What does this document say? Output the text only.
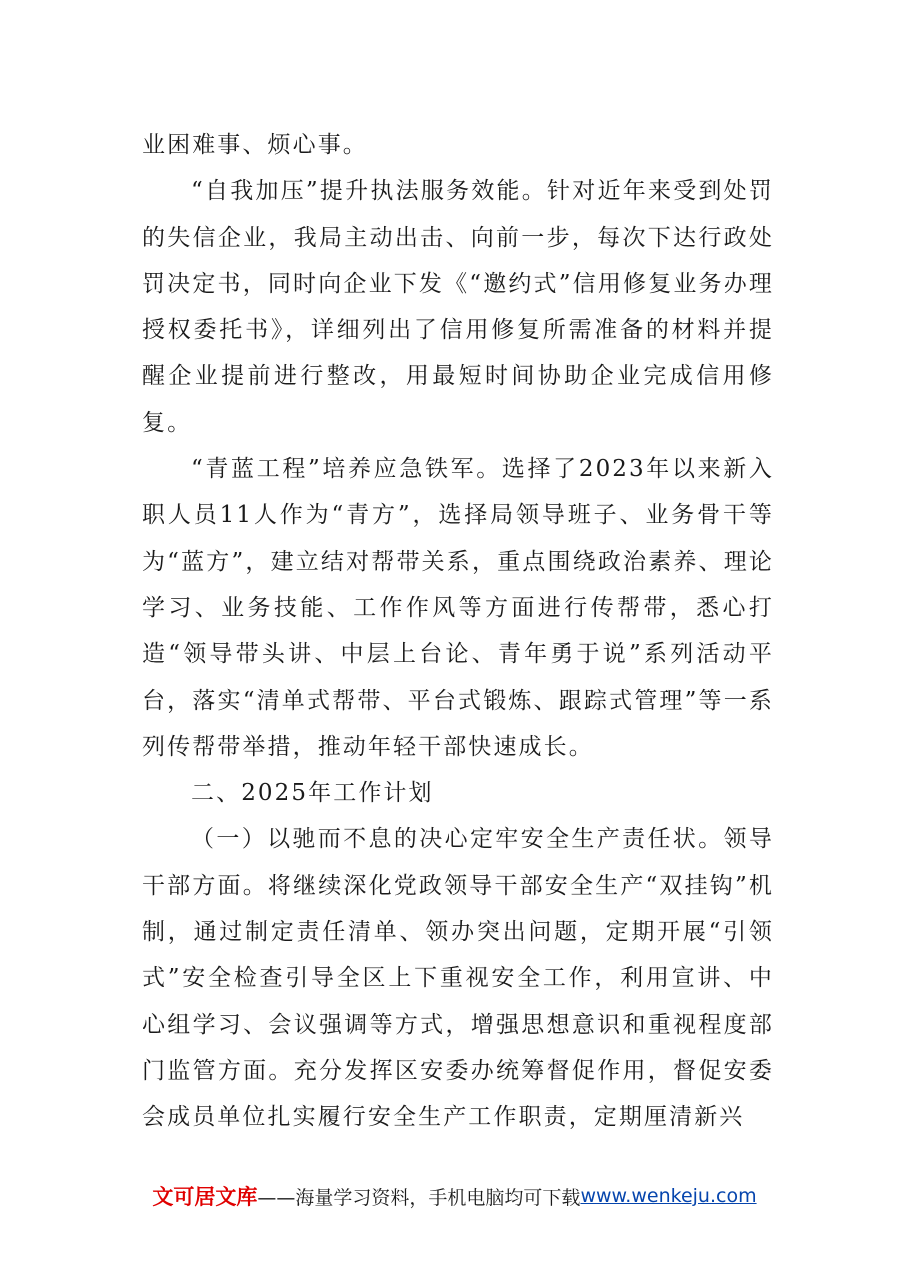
业困难事、烦心事。

“自我加压”提升执法服务效能。针对近年来受到处罚的失信企业，我局主动出击、向前一步，每次下达行政处罚决定书，同时向企业下发《“邀约式”信用修复业务办理授权委托书》，详细列出了信用修复所需准备的材料并提醒企业提前进行整改，用最短时间协助企业完成信用修复。

“青蓝工程”培养应急铁军。选择了2023年以来新入职人员11人作为“青方”，选择局领导班子、业务骨干等为“蓝方”，建立结对帮带关系，重点围绕政治素养、理论学习、业务技能、工作作风等方面进行传帮带，悉心打造“领导带头讲、中层上台论、青年勇于说”系列活动平台，落实“清单式帮带、平台式锻炼、跟踪式管理”等一系列传帮带举措，推动年轻干部快速成长。

二、2025年工作计划

（一）以驰而不息的决心定牢安全生产责任状。领导干部方面。将继续深化党政领导干部安全生产“双挂钩”机制，通过制定责任清单、领办突出问题，定期开展“引领式”安全检查引导全区上下重视安全工作，利用宣讲、中心组学习、会议强调等方式，增强思想意识和重视程度部门监管方面。充分发挥区安委办统筹督促作用，督促安委会成员单位扎实履行安全生产工作职责，定期厘清新兴

文可居文库 ——海量学习资料，手机电脑均可下载 www.wenkeju.com
